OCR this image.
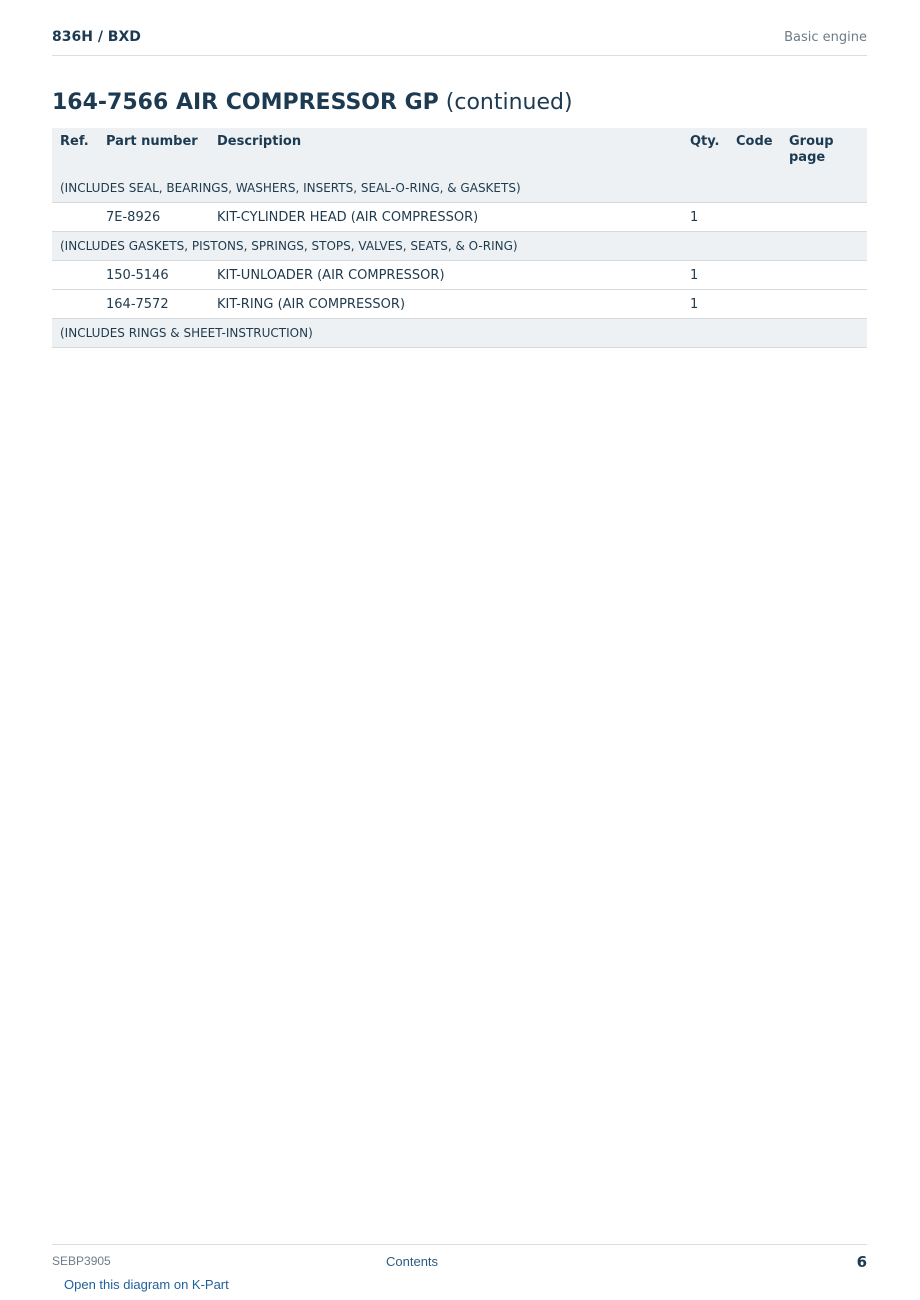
836H / BXD	Basic engine
164-7566 AIR COMPRESSOR GP (continued)
Ref.	Part number	Description	Qty.	Code	Group page
(INCLUDES SEAL, BEARINGS, WASHERS, INSERTS, SEAL-O-RING, & GASKETS)					
	7E-8926	KIT-CYLINDER HEAD (AIR COMPRESSOR)	1		
(INCLUDES GASKETS, PISTONS, SPRINGS, STOPS, VALVES, SEATS, & O-RING)					
	150-5146	KIT-UNLOADER (AIR COMPRESSOR)	1		
	164-7572	KIT-RING (AIR COMPRESSOR)	1		
(INCLUDES RINGS & SHEET-INSTRUCTION)					
SEBP3905	Contents	6
Open this diagram on K-Part
